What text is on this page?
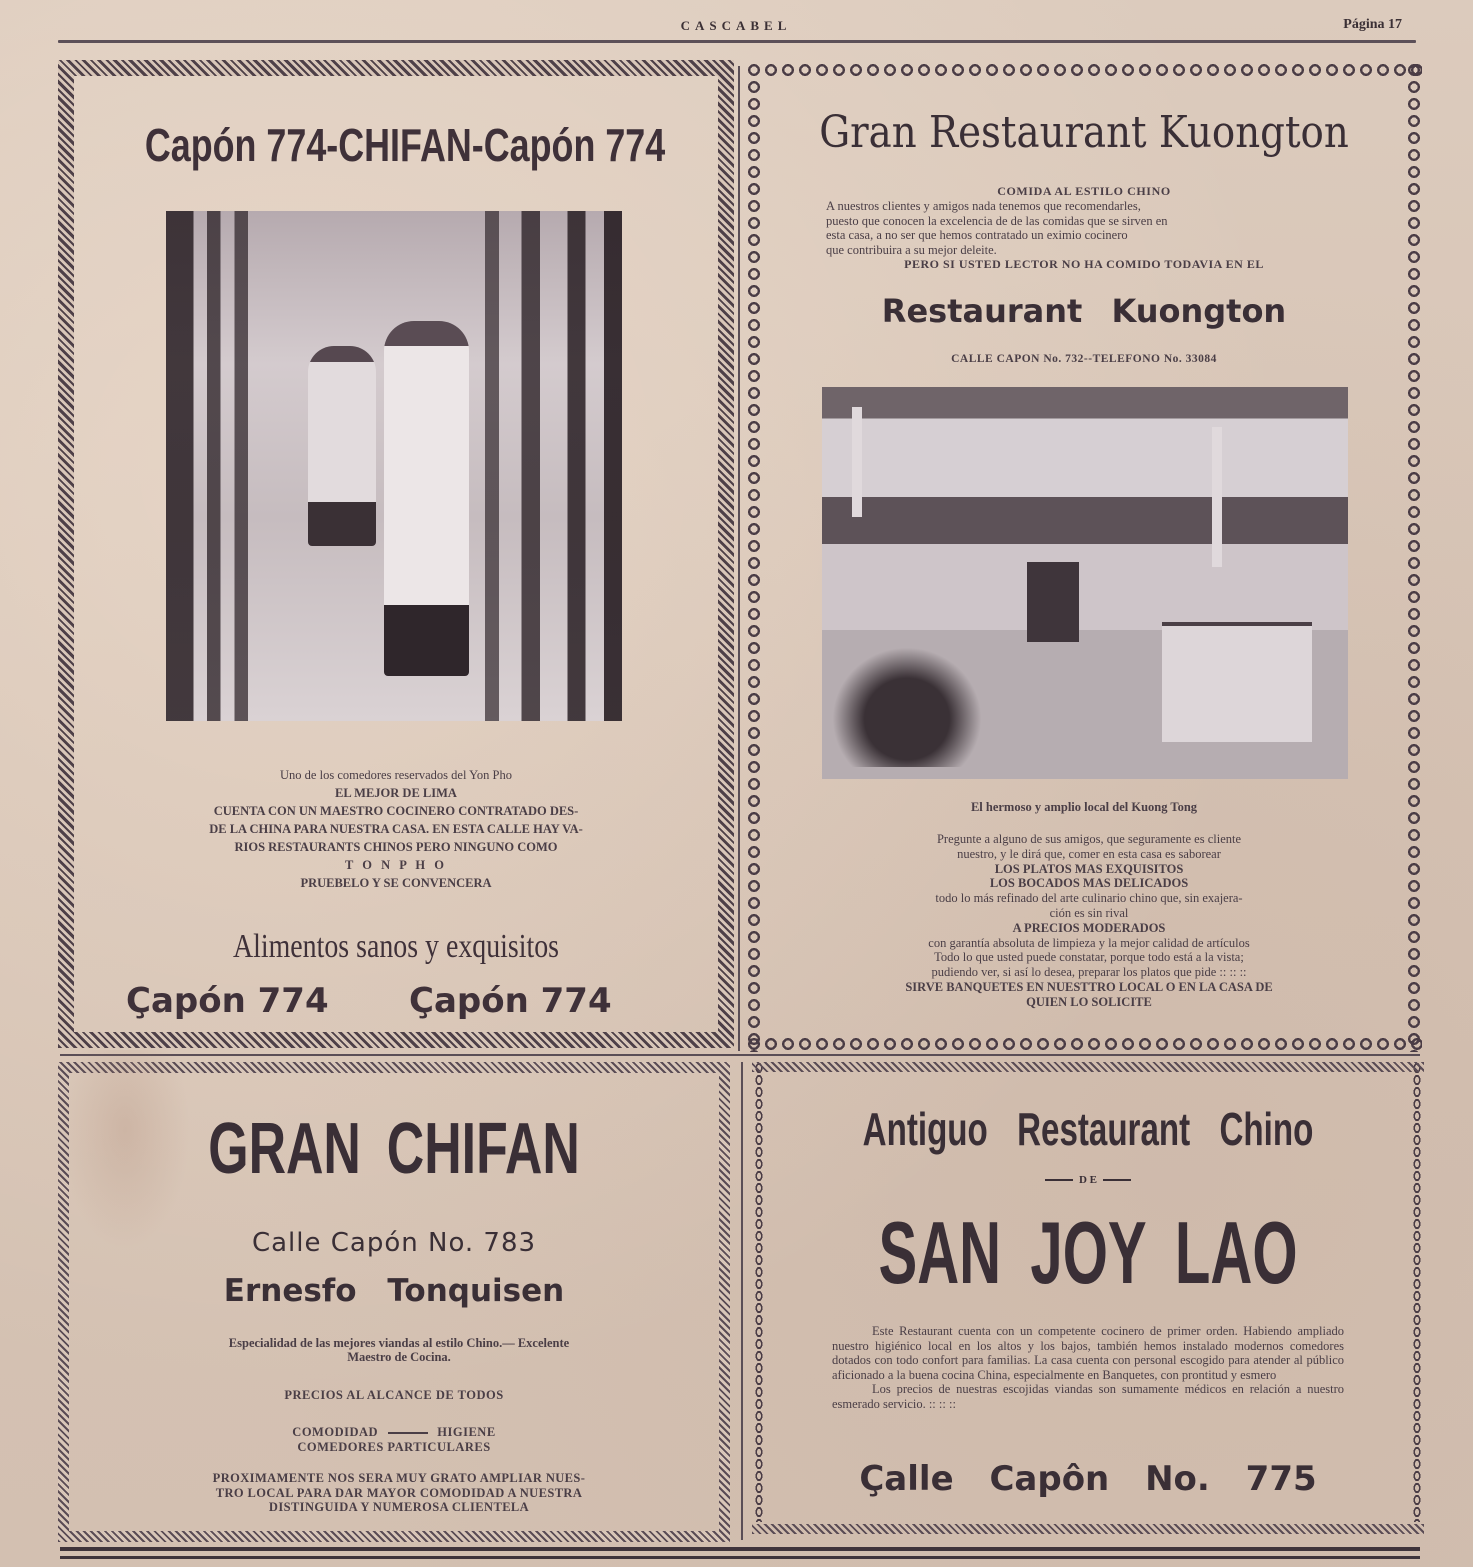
CASCABEL	Página 17
Capón 774-CHIFAN-Capón 774
Uno de los comedores reservados del Yon Pho
EL MEJOR DE LIMA
CUENTA CON UN MAESTRO COCINERO CONTRATADO DES-
DE LA CHINA PARA NUESTRA CASA. EN ESTA CALLE HAY VA-
RIOS RESTAURANTS CHINOS PERO NINGUNO COMO
T O N P H O
PRUEBELO Y SE CONVENCERA
Alimentos sanos y exquisitos
Çapón 774 Çapón 774
Gran Restaurant Kuongton
COMIDA AL ESTILO CHINO
A nuestros clientes y amigos nada tenemos que recomendarles,
puesto que conocen la excelencia de de las comidas que se sirven en
esta casa, a no ser que hemos contratado un eximio cocinero
que contribuira a su mejor deleite.
PERO SI USTED LECTOR NO HA COMIDO TODAVIA EN EL
Restaurant Kuongton
CALLE CAPON No. 732--TELEFONO No. 33084
El hermoso y amplio local del Kuong Tong
Pregunte a alguno de sus amigos, que seguramente es cliente
nuestro, y le dirá que, comer en esta casa es saborear
LOS PLATOS MAS EXQUISITOS
LOS BOCADOS MAS DELICADOS
todo lo más refinado del arte culinario chino que, sin exajera-
ción es sin rival
A PRECIOS MODERADOS
con garantía absoluta de limpieza y la mejor calidad de artículos
Todo lo que usted puede constatar, porque todo está a la vista;
pudiendo ver, si así lo desea, preparar los platos que pide :: :: ::
SIRVE BANQUETES EN NUESTTRO LOCAL O EN LA CASA DE
QUIEN LO SOLICITE
GRAN CHIFAN
Calle Capón No. 783
Ernesfo Tonquisen
Especialidad de las mejores viandas al estilo Chino.— Excelente
Maestro de Cocina.
PRECIOS AL ALCANCE DE TODOS
COMODIDAD	HIGIENE
COMEDORES PARTICULARES
PROXIMAMENTE NOS SERA MUY GRATO AMPLIAR NUES-
TRO LOCAL PARA DAR MAYOR COMODIDAD A NUESTRA
DISTINGUIDA Y NUMEROSA CLIENTELA
Antiguo Restaurant Chino
D E
SAN JOY LAO

Este Restaurant cuenta con un competente cocinero de primer orden. Habiendo ampliado nuestro higiénico local en los altos y los bajos, también hemos instalado modernos comedores dotados con todo confort para familias. La casa cuenta con personal escogido para atender al público aficionado a la buena cocina China, especialmente en Banquetes, con prontitud y esmero

Los precios de nuestras escojidas viandas son sumamente médicos en relación a nuestro esmerado servicio. :: :: ::

Çalle Capôn No. 775
